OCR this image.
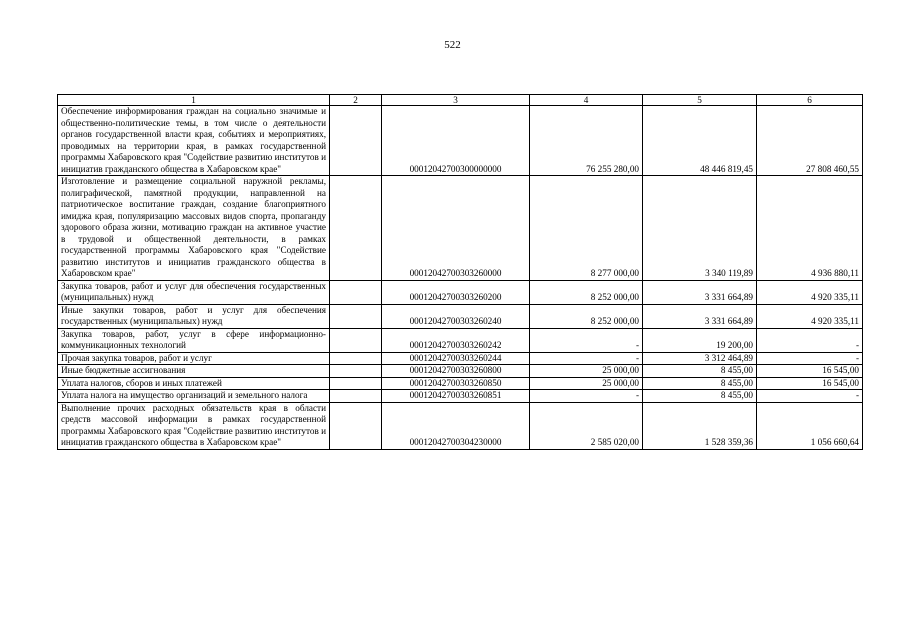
522
1	2	3	4	5	6
Обеспечение информирования граждан на социально значимые и общественно-политические темы, в том числе о деятельности органов государственной власти края, событиях и мероприятиях, проводимых на территории края, в рамках государственной программы Хабаровского края "Содействие развитию институтов и инициатив гражданского общества в Хабаровском крае"		00012042700300000000	76 255 280,00	48 446 819,45	27 808 460,55
Изготовление и размещение социальной наружной рекламы, полиграфической, памятной продукции, направленной на патриотическое воспитание граждан, создание благоприятного имиджа края, популяризацию массовых видов спорта, пропаганду здорового образа жизни, мотивацию граждан на активное участие в трудовой и общественной деятельности, в рамках государственной программы Хабаровского края "Содействие развитию институтов и инициатив гражданского общества в Хабаровском крае"		00012042700303260000	8 277 000,00	3 340 119,89	4 936 880,11
Закупка товаров, работ и услуг для обеспечения государственных (муниципальных) нужд		00012042700303260200	8 252 000,00	3 331 664,89	4 920 335,11
Иные закупки товаров, работ и услуг для обеспечения государственных (муниципальных) нужд		00012042700303260240	8 252 000,00	3 331 664,89	4 920 335,11
Закупка товаров, работ, услуг в сфере информационно-коммуникационных технологий		00012042700303260242	-	19 200,00	-
Прочая закупка товаров, работ и услуг		00012042700303260244	-	3 312 464,89	-
Иные бюджетные ассигнования		00012042700303260800	25 000,00	8 455,00	16 545,00
Уплата налогов, сборов и иных платежей		00012042700303260850	25 000,00	8 455,00	16 545,00
Уплата налога на имущество организаций и земельного налога		00012042700303260851	-	8 455,00	-
Выполнение прочих расходных обязательств края в области средств массовой информации в рамках государственной программы Хабаровского края "Содействие развитию институтов и инициатив гражданского общества в Хабаровском крае"		00012042700304230000	2 585 020,00	1 528 359,36	1 056 660,64
